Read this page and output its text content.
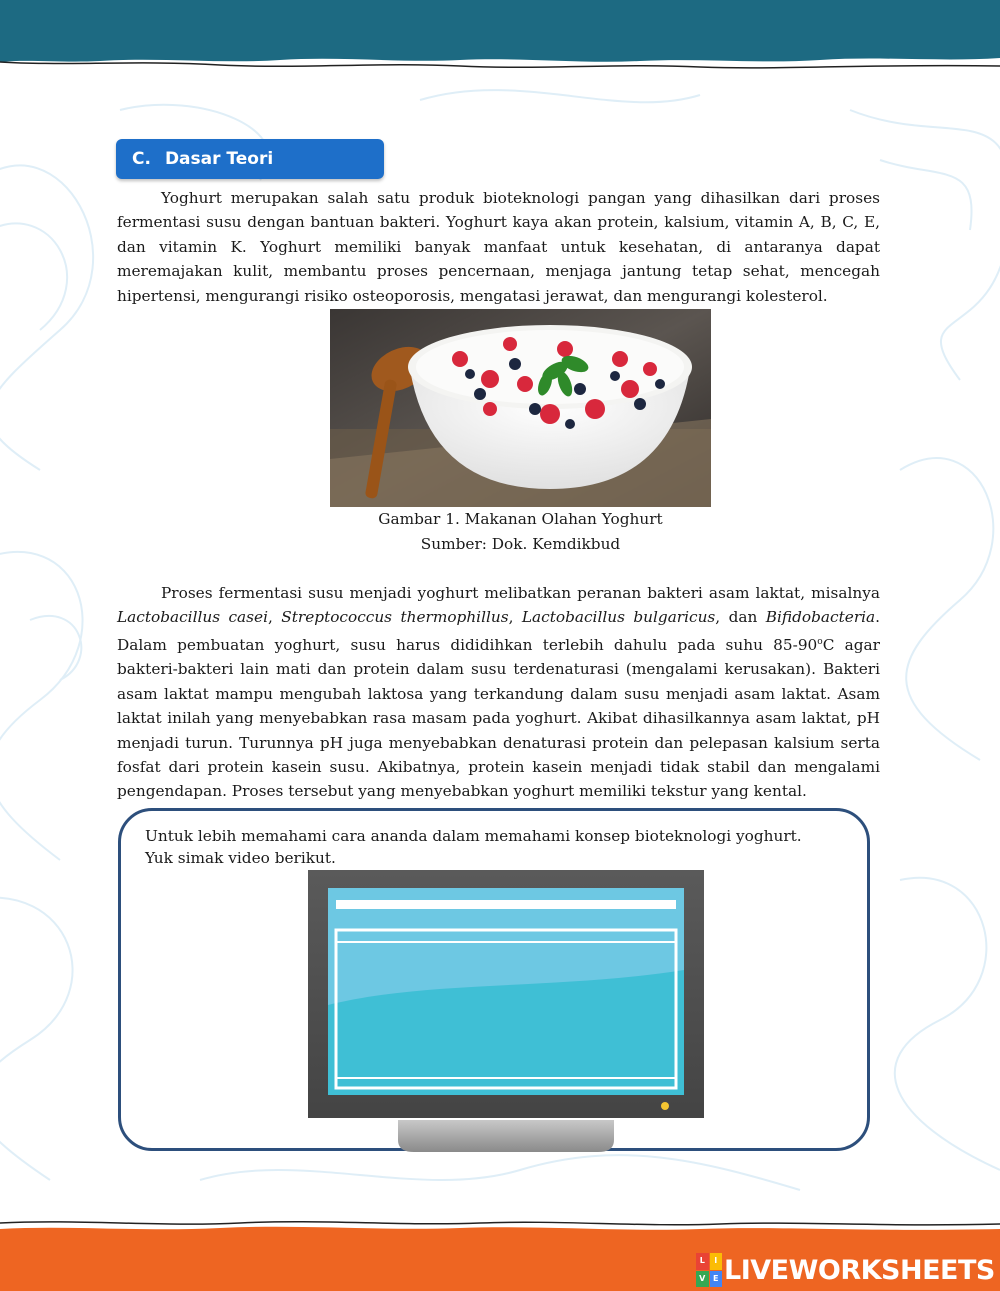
C. Dasar Teori

Yoghurt merupakan salah satu produk bioteknologi pangan yang dihasilkan dari proses fermentasi susu dengan bantuan bakteri. Yoghurt kaya akan protein, kalsium, vitamin A, B, C, E, dan vitamin K. Yoghurt memiliki banyak manfaat untuk kesehatan, di antaranya dapat meremajakan kulit, membantu proses pencernaan, menjaga jantung tetap sehat, mencegah hipertensi, mengurangi risiko osteoporosis, mengatasi jerawat, dan mengurangi kolesterol.

Gambar 1. Makanan Olahan Yoghurt

Sumber: Dok. Kemdikbud

Proses fermentasi susu menjadi yoghurt melibatkan peranan bakteri asam laktat, misalnya Lactobacillus casei, Streptococcus thermophillus, Lactobacillus bulgaricus, dan Bifidobacteria. Dalam pembuatan yoghurt, susu harus dididihkan terlebih dahulu pada suhu 85-90$^o$C agar bakteri-bakteri lain mati dan protein dalam susu terdenaturasi (mengalami kerusakan). Bakteri asam laktat mampu mengubah laktosa yang terkandung dalam susu menjadi asam laktat. Asam laktat inilah yang menyebabkan rasa masam pada yoghurt. Akibat dihasilkannya asam laktat, pH menjadi turun. Turunnya pH juga menyebabkan denaturasi protein dan pelepasan kalsium serta fosfat dari protein kasein susu. Akibatnya, protein kasein menjadi tidak stabil dan mengalami pengendapan. Proses tersebut yang menyebabkan yoghurt memiliki tekstur yang kental.

Untuk lebih memahami cara ananda dalam memahami konsep bioteknologi yoghurt.
Yuk simak video berikut.

L	I
V E LIVEWORKSHEETS
